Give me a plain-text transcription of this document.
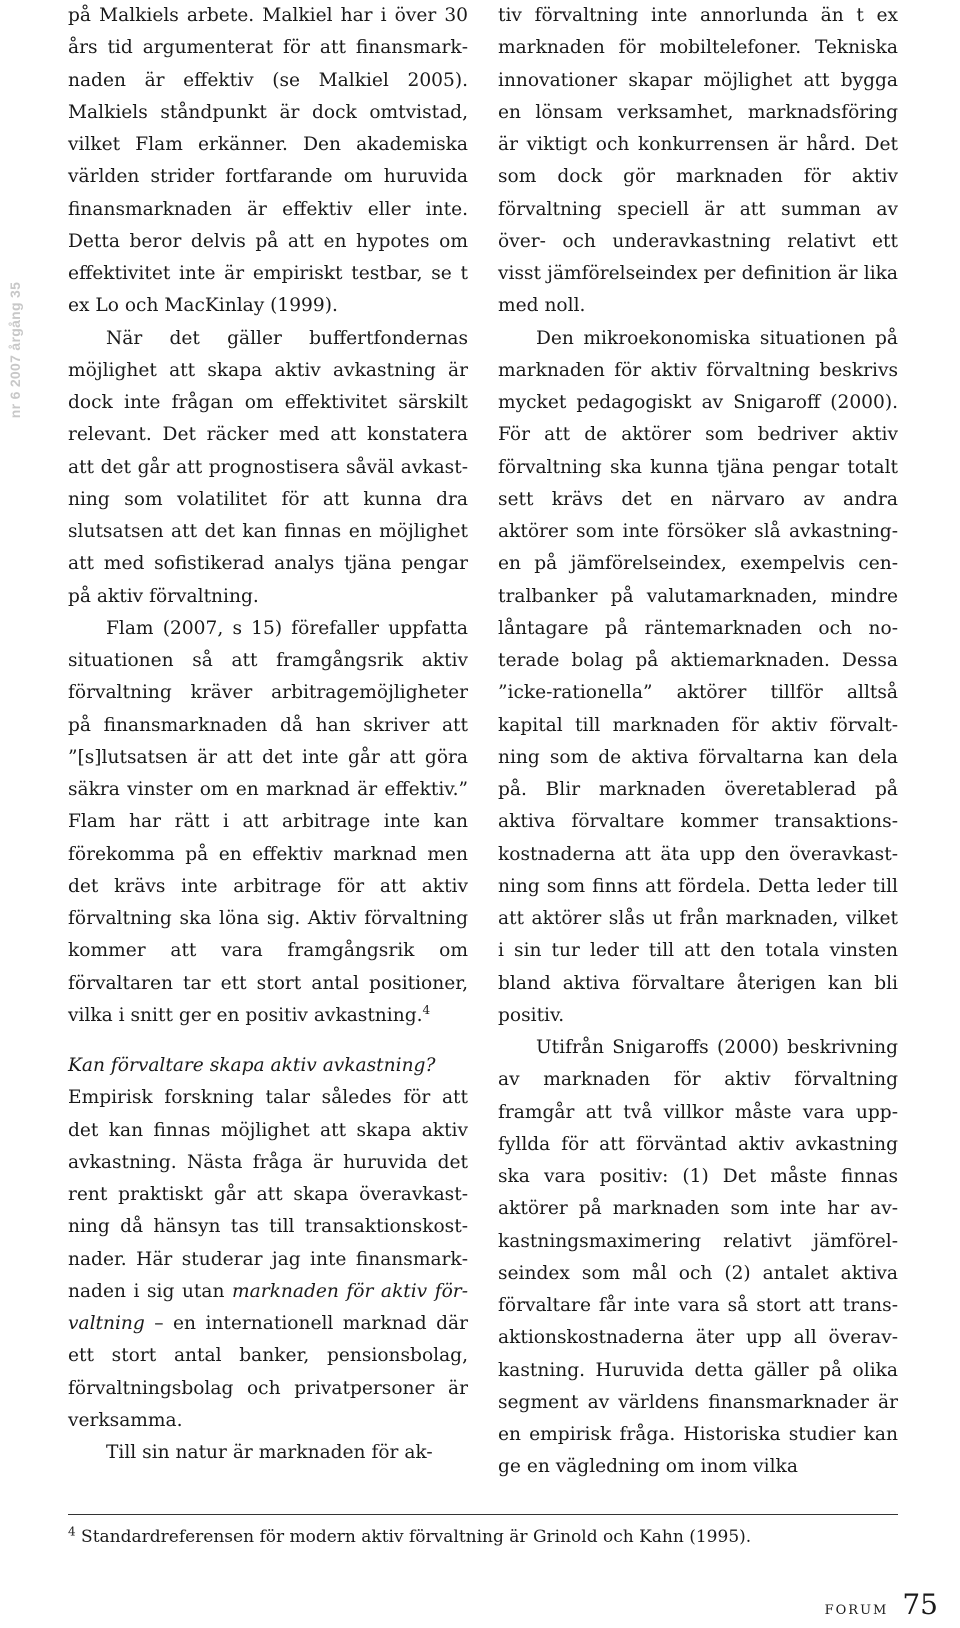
nr 6 2007 årgång 35

på Malkiels arbete. Malkiel har i över 30 års tid argumenterat för att finansmarknaden är effektiv (se Malkiel 2005). Malkiels ståndpunkt är dock omtvistad, vilket Flam erkänner. Den akademiska världen strider fortfarande om huruvida finansmarknaden är effektiv eller inte. Detta beror delvis på att en hypotes om effektivitet inte är empiriskt testbar, se t ex Lo och MacKinlay (1999).

När det gäller buffertfondernas möjlighet att skapa aktiv avkastning är dock inte frågan om effektivitet särskilt relevant. Det räcker med att konstatera att det går att prognostisera såväl avkastning som volatilitet för att kunna dra slutsatsen att det kan finnas en möjlighet att med sofistikerad analys tjäna pengar på aktiv förvaltning.

Flam (2007, s 15) förefaller uppfatta situationen så att framgångsrik aktiv förvaltning kräver arbitragemöjligheter på finansmarknaden då han skriver att ”[s]lutsatsen är att det inte går att göra säkra vinster om en marknad är effektiv.” Flam har rätt i att arbitrage inte kan förekomma på en effektiv marknad men det krävs inte arbitrage för att aktiv förvaltning ska löna sig. Aktiv förvaltning kommer att vara framgångsrik om förvaltaren tar ett stort antal positioner, vilka i snitt ger en positiv avkastning.$^4$

Kan förvaltare skapa aktiv avkastning?

Empirisk forskning talar således för att det kan finnas möjlighet att skapa aktiv avkastning. Nästa fråga är huruvida det rent praktiskt går att skapa överavkastning då hänsyn tas till transaktionskostnader. Här studerar jag inte finansmarknaden i sig utan marknaden för aktiv förvaltning – en internationell marknad där ett stort antal banker, pensionsbolag, förvaltningsbolag och privatpersoner är verksamma.

Till sin natur är marknaden för ak-

tiv förvaltning inte annorlunda än t ex marknaden för mobiltelefoner. Tekniska innovationer skapar möjlighet att bygga en lönsam verksamhet, marknadsföring är viktigt och konkurrensen är hård. Det som dock gör marknaden för aktiv förvaltning speciell är att summan av över- och underavkastning relativt ett visst jämförelseindex per definition är lika med noll.

Den mikroekonomiska situationen på marknaden för aktiv förvaltning beskrivs mycket pedagogiskt av Snigaroff (2000). För att de aktörer som bedriver aktiv förvaltning ska kunna tjäna pengar totalt sett krävs det en närvaro av andra aktörer som inte försöker slå avkastningen på jämförelseindex, exempelvis centralbanker på valutamarknaden, mindre låntagare på räntemarknaden och noterade bolag på aktiemarknaden. Dessa ”icke-rationella” aktörer tillför alltså kapital till marknaden för aktiv förvaltning som de aktiva förvaltarna kan dela på. Blir marknaden överetablerad på aktiva förvaltare kommer transaktionskostnaderna att äta upp den överavkastning som finns att fördela. Detta leder till att aktörer slås ut från marknaden, vilket i sin tur leder till att den totala vinsten bland aktiva förvaltare återigen kan bli positiv.

Utifrån Snigaroffs (2000) beskrivning av marknaden för aktiv förvaltning framgår att två villkor måste vara uppfyllda för att förväntad aktiv avkastning ska vara positiv: (1) Det måste finnas aktörer på marknaden som inte har avkastningsmaximering relativt jämförelseindex som mål och (2) antalet aktiva förvaltare får inte vara så stort att transaktionskostnaderna äter upp all överavkastning. Huruvida detta gäller på olika segment av världens finansmarknader är en empirisk fråga. Historiska studier kan ge en vägledning om inom vilka

$^4$ Standardreferensen för modern aktiv förvaltning är Grinold och Kahn (1995).
FORUM 75
